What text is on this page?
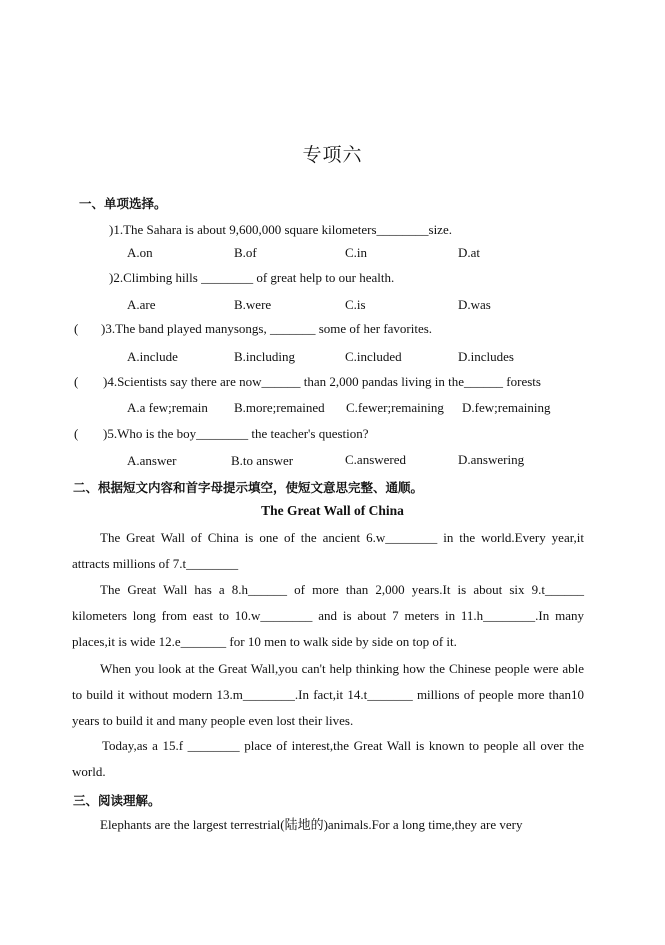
专项六
一、单项选择。
)1.The Sahara is about 9,600,000 square kilometers________size.
A.on	B.of	C.in	D.at
)2.Climbing hills ________ of great help to our health.
A.are	B.were	C.is	D.was
( )3.The band played manysongs, _______ some of her favorites.
A.include	B.including	C.included	D.includes
( )4.Scientists say there are now______ than 2,000 pandas living in the______ forests
A.a few;remain B.more;remained C.fewer;remaining D.few;remaining
( )5.Who is the boy________ the teacher's question?
A.answer	B.to answer	C.answered	D.answering
二、根据短文内容和首字母提示填空，使短文意思完整、通顺。
The Great Wall of China
The Great Wall of China is one of the ancient 6.w________ in the world.Every year,it attracts millions of 7.t________
The Great Wall has a 8.h______ of more than 2,000 years.It is about six 9.t______ kilometers long from east to 10.w________ and is about 7 meters in 11.h________.In many places,it is wide 12.e_______ for 10 men to walk side by side on top of it.
When you look at the Great Wall,you can't help thinking how the Chinese people were able to build it without modern 13.m________.In fact,it 14.t_______ millions of people more than10 years to build it and many people even lost their lives.
Today,as a 15.f ________ place of interest,the Great Wall is known to people all over the world.
三、阅读理解。
Elephants are the largest terrestrial(陆地的)animals.For a long time,they are very
